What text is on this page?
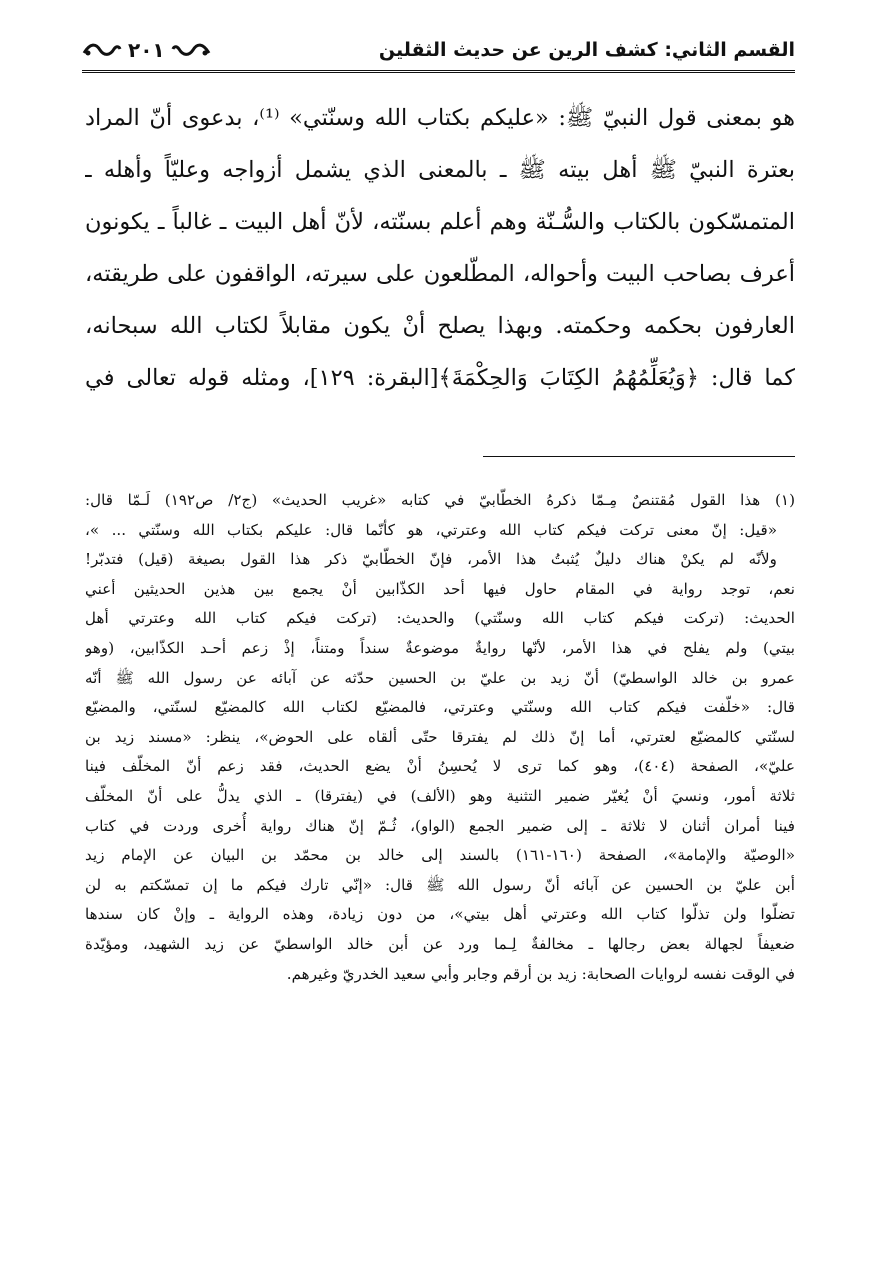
القسم الثاني: كشف الرين عن حديث الثقلين
٢٠١
هو بمعنى قول النبيّ ﷺ: «عليكم بكتاب الله وسنّتي» ⁽¹⁾، بدعوى أنّ المراد
بعترة النبيّ ﷺ أهل بيته ﷺ ـ بالمعنى الذي يشمل أزواجه وعليّاً وأهله ـ
المتمسّكون بالكتاب والسُّـنّة وهم أعلم بسنّته، لأنّ أهل البيت ـ غالباً ـ يكونون
أعرف بصاحب البيت وأحواله، المطّلعون على سيرته، الواقفون على طريقته،
العارفون بحكمه وحكمته. وبهذا يصلح أنْ يكون مقابلاً لكتاب الله سبحانه،
كما قال: ﴿وَيُعَلِّمُهُمُ الكِتَابَ وَالحِكْمَةَ﴾[البقرة: ١٢٩]، ومثله قوله تعالى في
(١) هذا القول مُقتنصٌ مِـمّا ذكرهُ الخطّابيّ في كتابه «غريب الحديث» (ج٢/ ص١٩٢) لَـمّا قال:
«قيل: إنّ معنى تركت فيكم كتاب الله وعترتي، هو كأنّما قال: عليكم بكتاب الله وسنّتي ... »،
ولأنّه لم يكنْ هناك دليلٌ يُثبتُ هذا الأمر، فإنّ الخطّابيّ ذكر هذا القول بصيغة (قيل) فتدبّر!
نعم، توجد رواية في المقام حاول فيها أحد الكذّابين أنْ يجمع بين هذين الحديثين أعني
الحديث: (تركت فيكم كتاب الله وسنّتي) والحديث: (تركت فيكم كتاب الله وعترتي أهل
بيتي) ولم يفلح في هذا الأمر، لأنّها روايةٌ موضوعةٌ سنداً ومتناً، إذْ زعم أحـد الكذّابين، (وهو
عمرو بن خالد الواسطيّ) أنّ زيد بن عليّ بن الحسين حدّثه عن آبائه عن رسول الله ﷺ أنّه
قال: «خلّفت فيكم كتاب الله وسنّتي وعترتي، فالمضيّع لكتاب الله كالمضيّع لسنّتي، والمضيّع
لسنّتي كالمضيّع لعترتي، أما إنّ ذلك لم يفترقا حتّى ألقاه على الحوض»، ينظر: «مسند زيد بن
عليّ»، الصفحة (٤٠٤)، وهو كما ترى لا يُحسِنُ أنْ يضع الحديث، فقد زعم أنّ المخلّف فينا
ثلاثة أمور، ونسيَ أنْ يُغيّر ضمير التثنية وهو (الألف) في (يفترقا) ـ الذي يدلُّ على أنّ المخلّف
فينا أمران أثنان لا ثلاثة ـ إلى ضمير الجمع (الواو)، ثُـمّ إنّ هناك رواية أُخرى وردت في كتاب
«الوصيّة والإمامة»، الصفحة (١٦٠-١٦١) بالسند إلى خالد بن محمّد بن البيان عن الإمام زيد
أبن عليّ بن الحسين عن آبائه أنّ رسول الله ﷺ قال: «إنّي تارك فيكم ما إن تمسّكتم به لن
تضلّوا ولن تذلّوا كتاب الله وعترتي أهل بيتي»، من دون زيادة، وهذه الرواية ـ وإنْ كان سندها
ضعيفاً لجهالة بعض رجالها ـ مخالفةٌ لِـما ورد عن أبن خالد الواسطيّ عن زيد الشهيد، ومؤيّدة
في الوقت نفسه لروايات الصحابة: زيد بن أرقم وجابر وأبي سعيد الخدريّ وغيرهم.
